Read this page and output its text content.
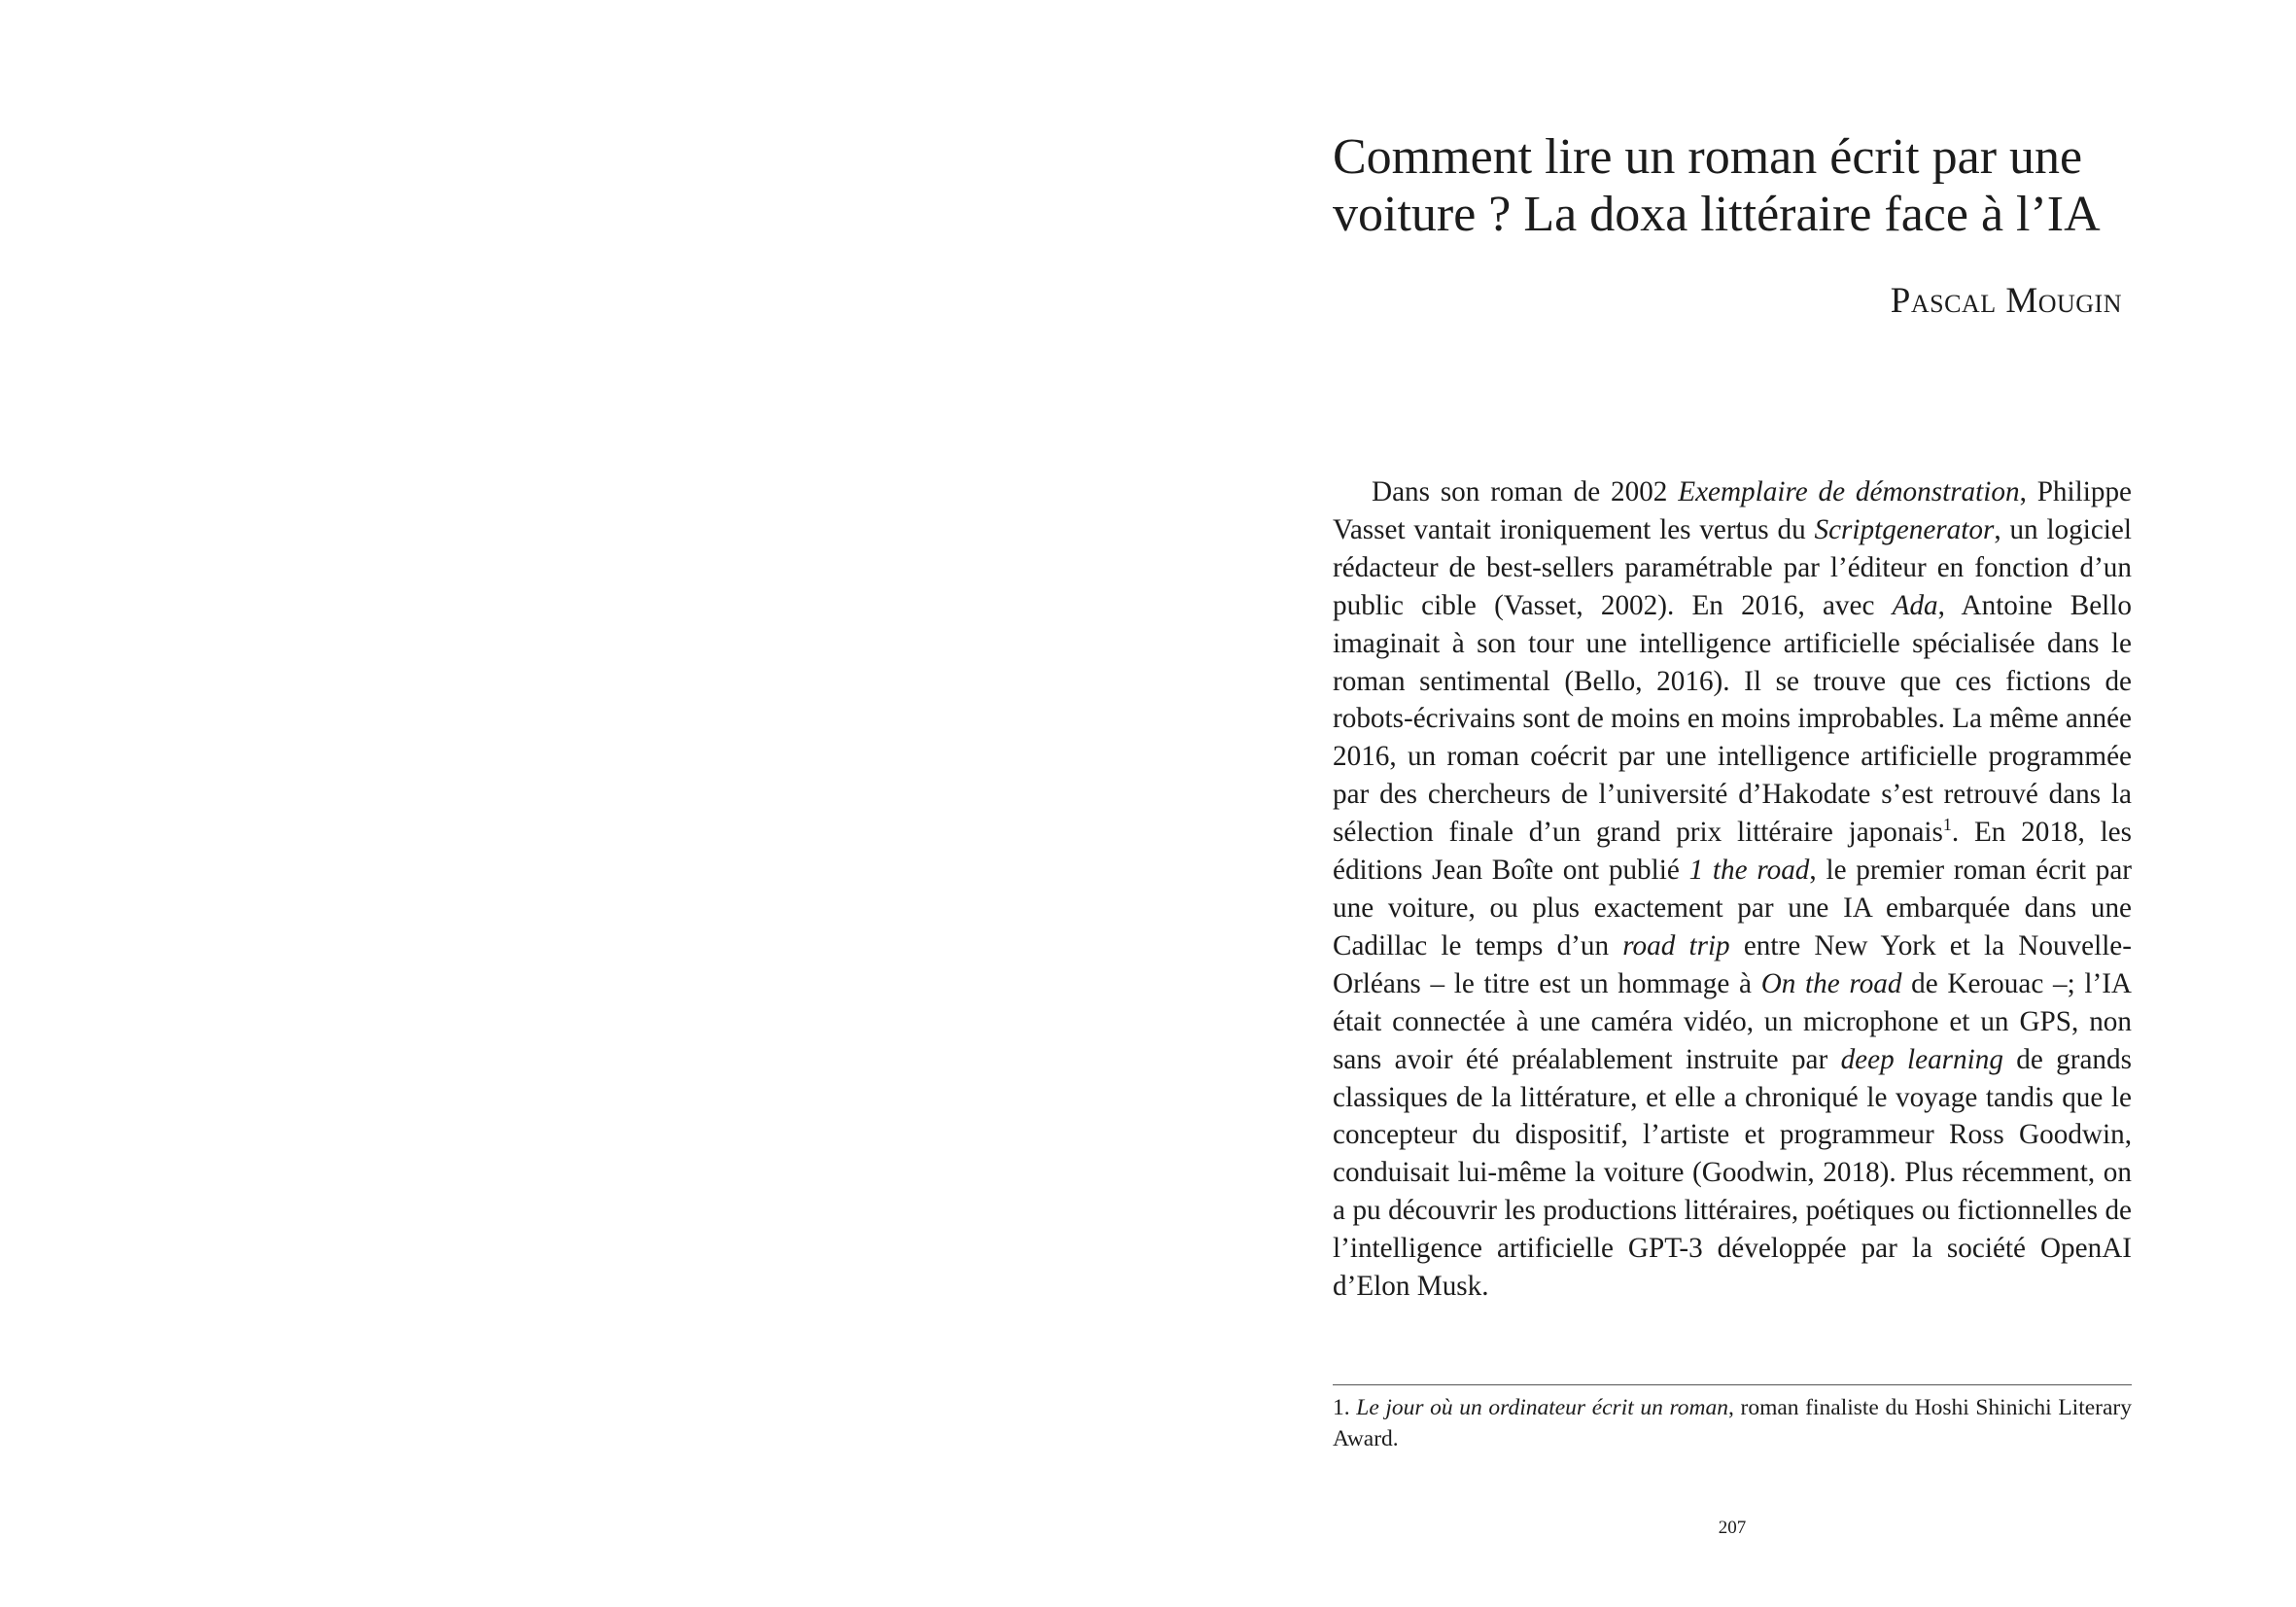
Comment lire un roman écrit par une voiture ? La doxa littéraire face à l’IA
Pascal Mougin

Dans son roman de 2002 Exemplaire de démonstration, Philippe Vasset vantait ironiquement les vertus du Scriptgenerator, un logiciel rédacteur de best-sellers paramétrable par l’éditeur en fonction d’un public cible (Vasset, 2002). En 2016, avec Ada, Antoine Bello imaginait à son tour une intelligence artificielle spécialisée dans le roman sentimental (Bello, 2016). Il se trouve que ces fictions de robots-écrivains sont de moins en moins improbables. La même année 2016, un roman coécrit par une intelligence artificielle programmée par des chercheurs de l’université d’Hakodate s’est retrouvé dans la sélection finale d’un grand prix littéraire japonais$^1$. En 2018, les éditions Jean Boîte ont publié 1 the road, le premier roman écrit par une voiture, ou plus exactement par une IA embarquée dans une Cadillac le temps d’un road trip entre New York et la Nouvelle-Orléans – le titre est un hommage à On the road de Kerouac –; l’IA était connectée à une caméra vidéo, un microphone et un GPS, non sans avoir été préalablement instruite par deep learning de grands classiques de la littérature, et elle a chroniqué le voyage tandis que le concepteur du dispositif, l’artiste et programmeur Ross Goodwin, conduisait lui-même la voiture (Goodwin, 2018). Plus récemment, on a pu découvrir les productions littéraires, poétiques ou fictionnelles de l’intelligence artificielle GPT-3 développée par la société OpenAI d’Elon Musk.

1. Le jour où un ordinateur écrit un roman, roman finaliste du Hoshi Shinichi Literary Award.

207
